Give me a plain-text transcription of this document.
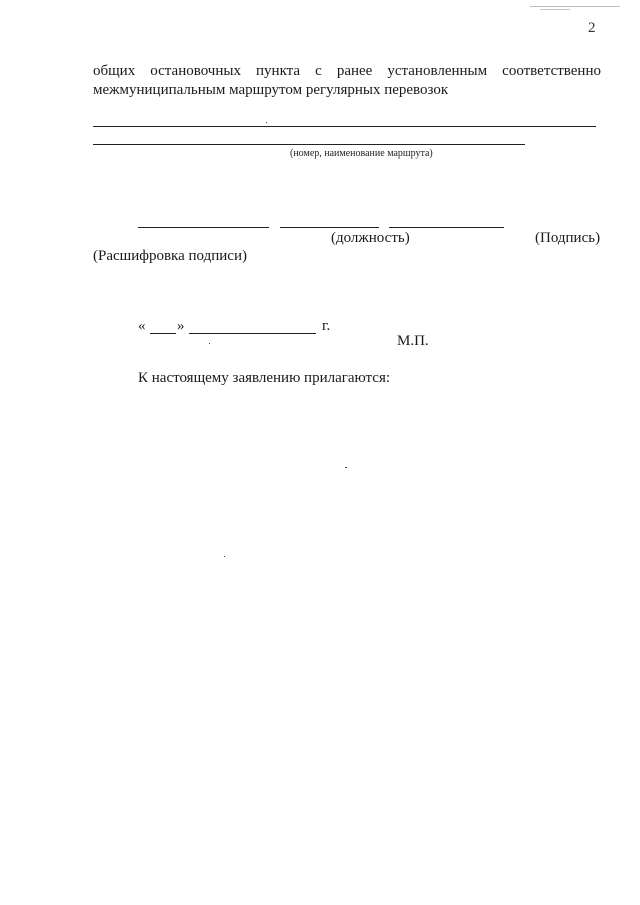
2
общих остановочных пункта с ранее установленным соответственно
межмуниципальным маршрутом регулярных перевозок
(номер, наименование маршрута)
(должность)	(Подпись)
(Расшифровка подписи)
« »	г.
М.П.
К настоящему заявлению прилагаются:
